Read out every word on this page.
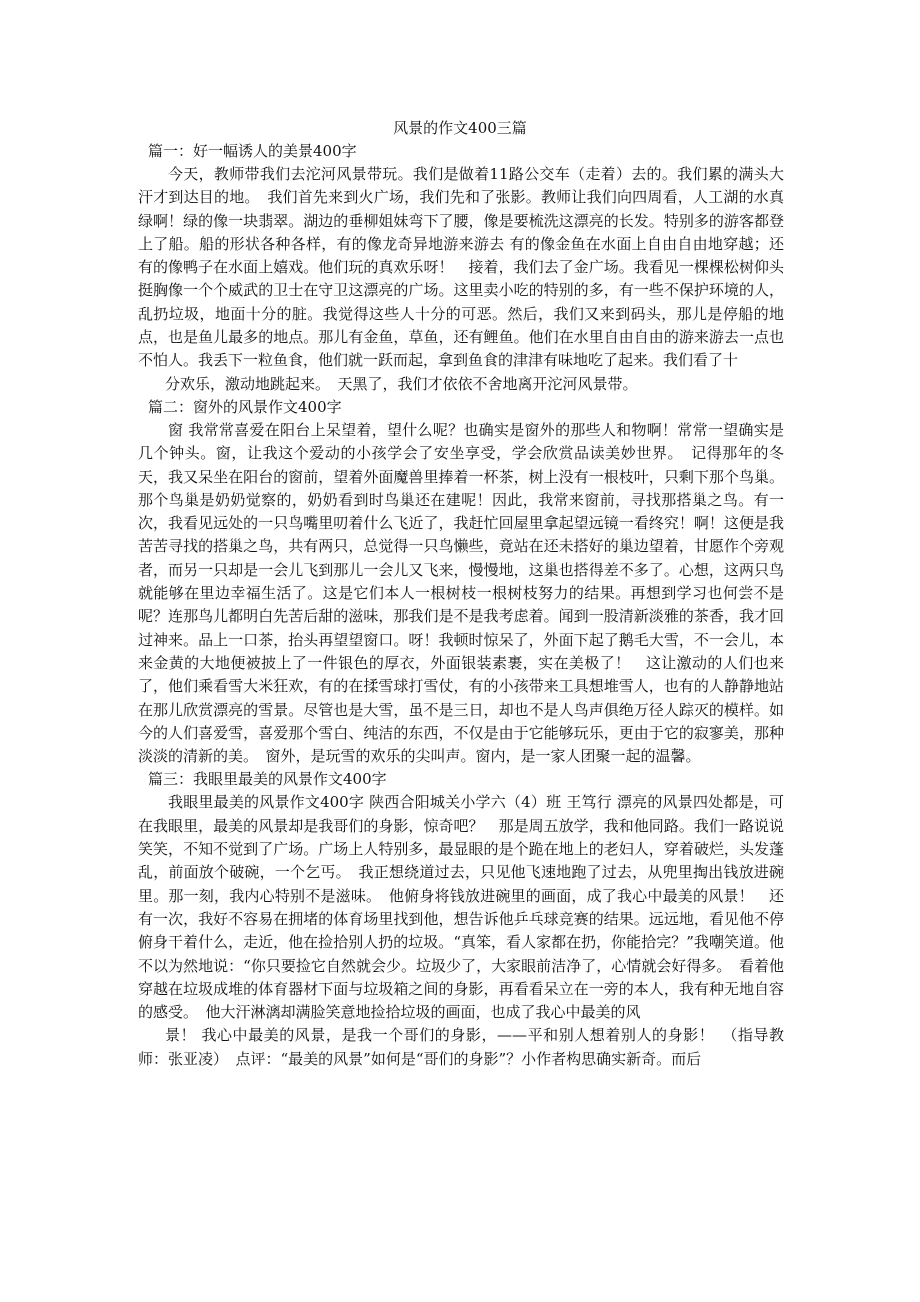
风景的作文400三篇

篇一：好一幅诱人的美景400字

今天，教师带我们去沱河风景带玩。我们是做着11路公交车（走着）去的。我们累的满头大汗才到达目的地。　我们首先来到火广场，我们先和了张影。教师让我们向四周看，人工湖的水真绿啊！绿的像一块翡翠。湖边的垂柳姐妹弯下了腰，像是要梳洗这漂亮的长发。特别多的游客都登上了船。船的形状各种各样，有的像龙奇异地游来游去 有的像金鱼在水面上自由自由地穿越；还有的像鸭子在水面上嬉戏。他们玩的真欢乐呀！　接着，我们去了金广场。我看见一棵棵松树仰头挺胸像一个个威武的卫士在守卫这漂亮的广场。这里卖小吃的特别的多，有一些不保护环境的人，乱扔垃圾，地面十分的脏。我觉得这些人十分的可恶。然后，我们又来到码头，那儿是停船的地点，也是鱼儿最多的地点。那儿有金鱼，草鱼，还有鲤鱼。他们在水里自由自由的游来游去一点也不怕人。我丢下一粒鱼食，他们就一跃而起，拿到鱼食的津津有味地吃了起来。我们看了十

分欢乐，激动地跳起来。　天黑了，我们才依依不舍地离开沱河风景带。

篇二：窗外的风景作文400字

窗 我常常喜爱在阳台上呆望着，望什么呢？也确实是窗外的那些人和物啊！常常一望确实是几个钟头。窗，让我这个爱动的小孩学会了安坐享受，学会欣赏品读美妙世界。　记得那年的冬天，我又呆坐在阳台的窗前，望着外面魔兽里捧着一杯茶，树上没有一根枝叶，只剩下那个鸟巢。那个鸟巢是奶奶觉察的，奶奶看到时鸟巢还在建呢！因此，我常来窗前，寻找那搭巢之鸟。有一次，我看见远处的一只鸟嘴里叨着什么飞近了，我赶忙回屋里拿起望远镜一看终究！啊！这便是我苦苦寻找的搭巢之鸟，共有两只，总觉得一只鸟懒些，竟站在还未搭好的巢边望着，甘愿作个旁观者，而另一只却是一会儿飞到那儿一会儿又飞来，慢慢地，这巢也搭得差不多了。心想，这两只鸟就能够在里边幸福生活了。这是它们本人一根树枝一根树枝努力的结果。再想到学习也何尝不是呢？连那鸟儿都明白先苦后甜的滋味，那我们是不是我考虑着。闻到一股清新淡雅的茶香，我才回过神来。品上一口茶，抬头再望望窗口。呀！我顿时惊呆了，外面下起了鹅毛大雪，不一会儿，本来金黄的大地便被披上了一件银色的厚衣，外面银装素裹，实在美极了！　这让激动的人们也来了，他们乘看雪大米狂欢，有的在揉雪球打雪仗，有的小孩带来工具想堆雪人，也有的人静静地站在那儿欣赏漂亮的雪景。尽管也是大雪，虽不是三日，却也不是人鸟声俱绝万径人踪灭的模样。如今的人们喜爱雪，喜爱那个雪白、纯洁的东西，不仅是由于它能够玩乐，更由于它的寂寥美，那种淡淡的清新的美。　窗外，是玩雪的欢乐的尖叫声。窗内，是一家人团聚一起的温馨。

篇三：我眼里最美的风景作文400字

我眼里最美的风景作文400字 陕西合阳城关小学六（4）班 王笃行 漂亮的风景四处都是，可在我眼里，最美的风景却是我哥们的身影，惊奇吧？　那是周五放学，我和他同路。我们一路说说笑笑，不知不觉到了广场。广场上人特别多，最显眼的是个跪在地上的老妇人，穿着破烂，头发蓬乱，前面放个破碗，一个乞丐。　我正想绕道过去，只见他飞速地跑了过去，从兜里掏出钱放进碗里。那一刻，我内心特别不是滋味。　他俯身将钱放进碗里的画面，成了我心中最美的风景！　还有一次，我好不容易在拥堵的体育场里找到他，想告诉他乒乓球竞赛的结果。远远地，看见他不停俯身干着什么，走近，他在捡拾别人扔的垃圾。“真笨，看人家都在扔，你能拾完？”我嘲笑道。他不以为然地说：“你只要捡它自然就会少。垃圾少了，大家眼前洁净了，心情就会好得多。　看着他穿越在垃圾成堆的体育器材下面与垃圾箱之间的身影，再看看呆立在一旁的本人，我有种无地自容的感受。　他大汗淋漓却满脸笑意地捡拾垃圾的画面，也成了我心中最美的风

景！ 我心中最美的风景，是我一个哥们的身影，——平和别人想着别人的身影！　（指导教师：张亚凌）　点评：“最美的风景”如何是“哥们的身影”？小作者构思确实新奇。而后
